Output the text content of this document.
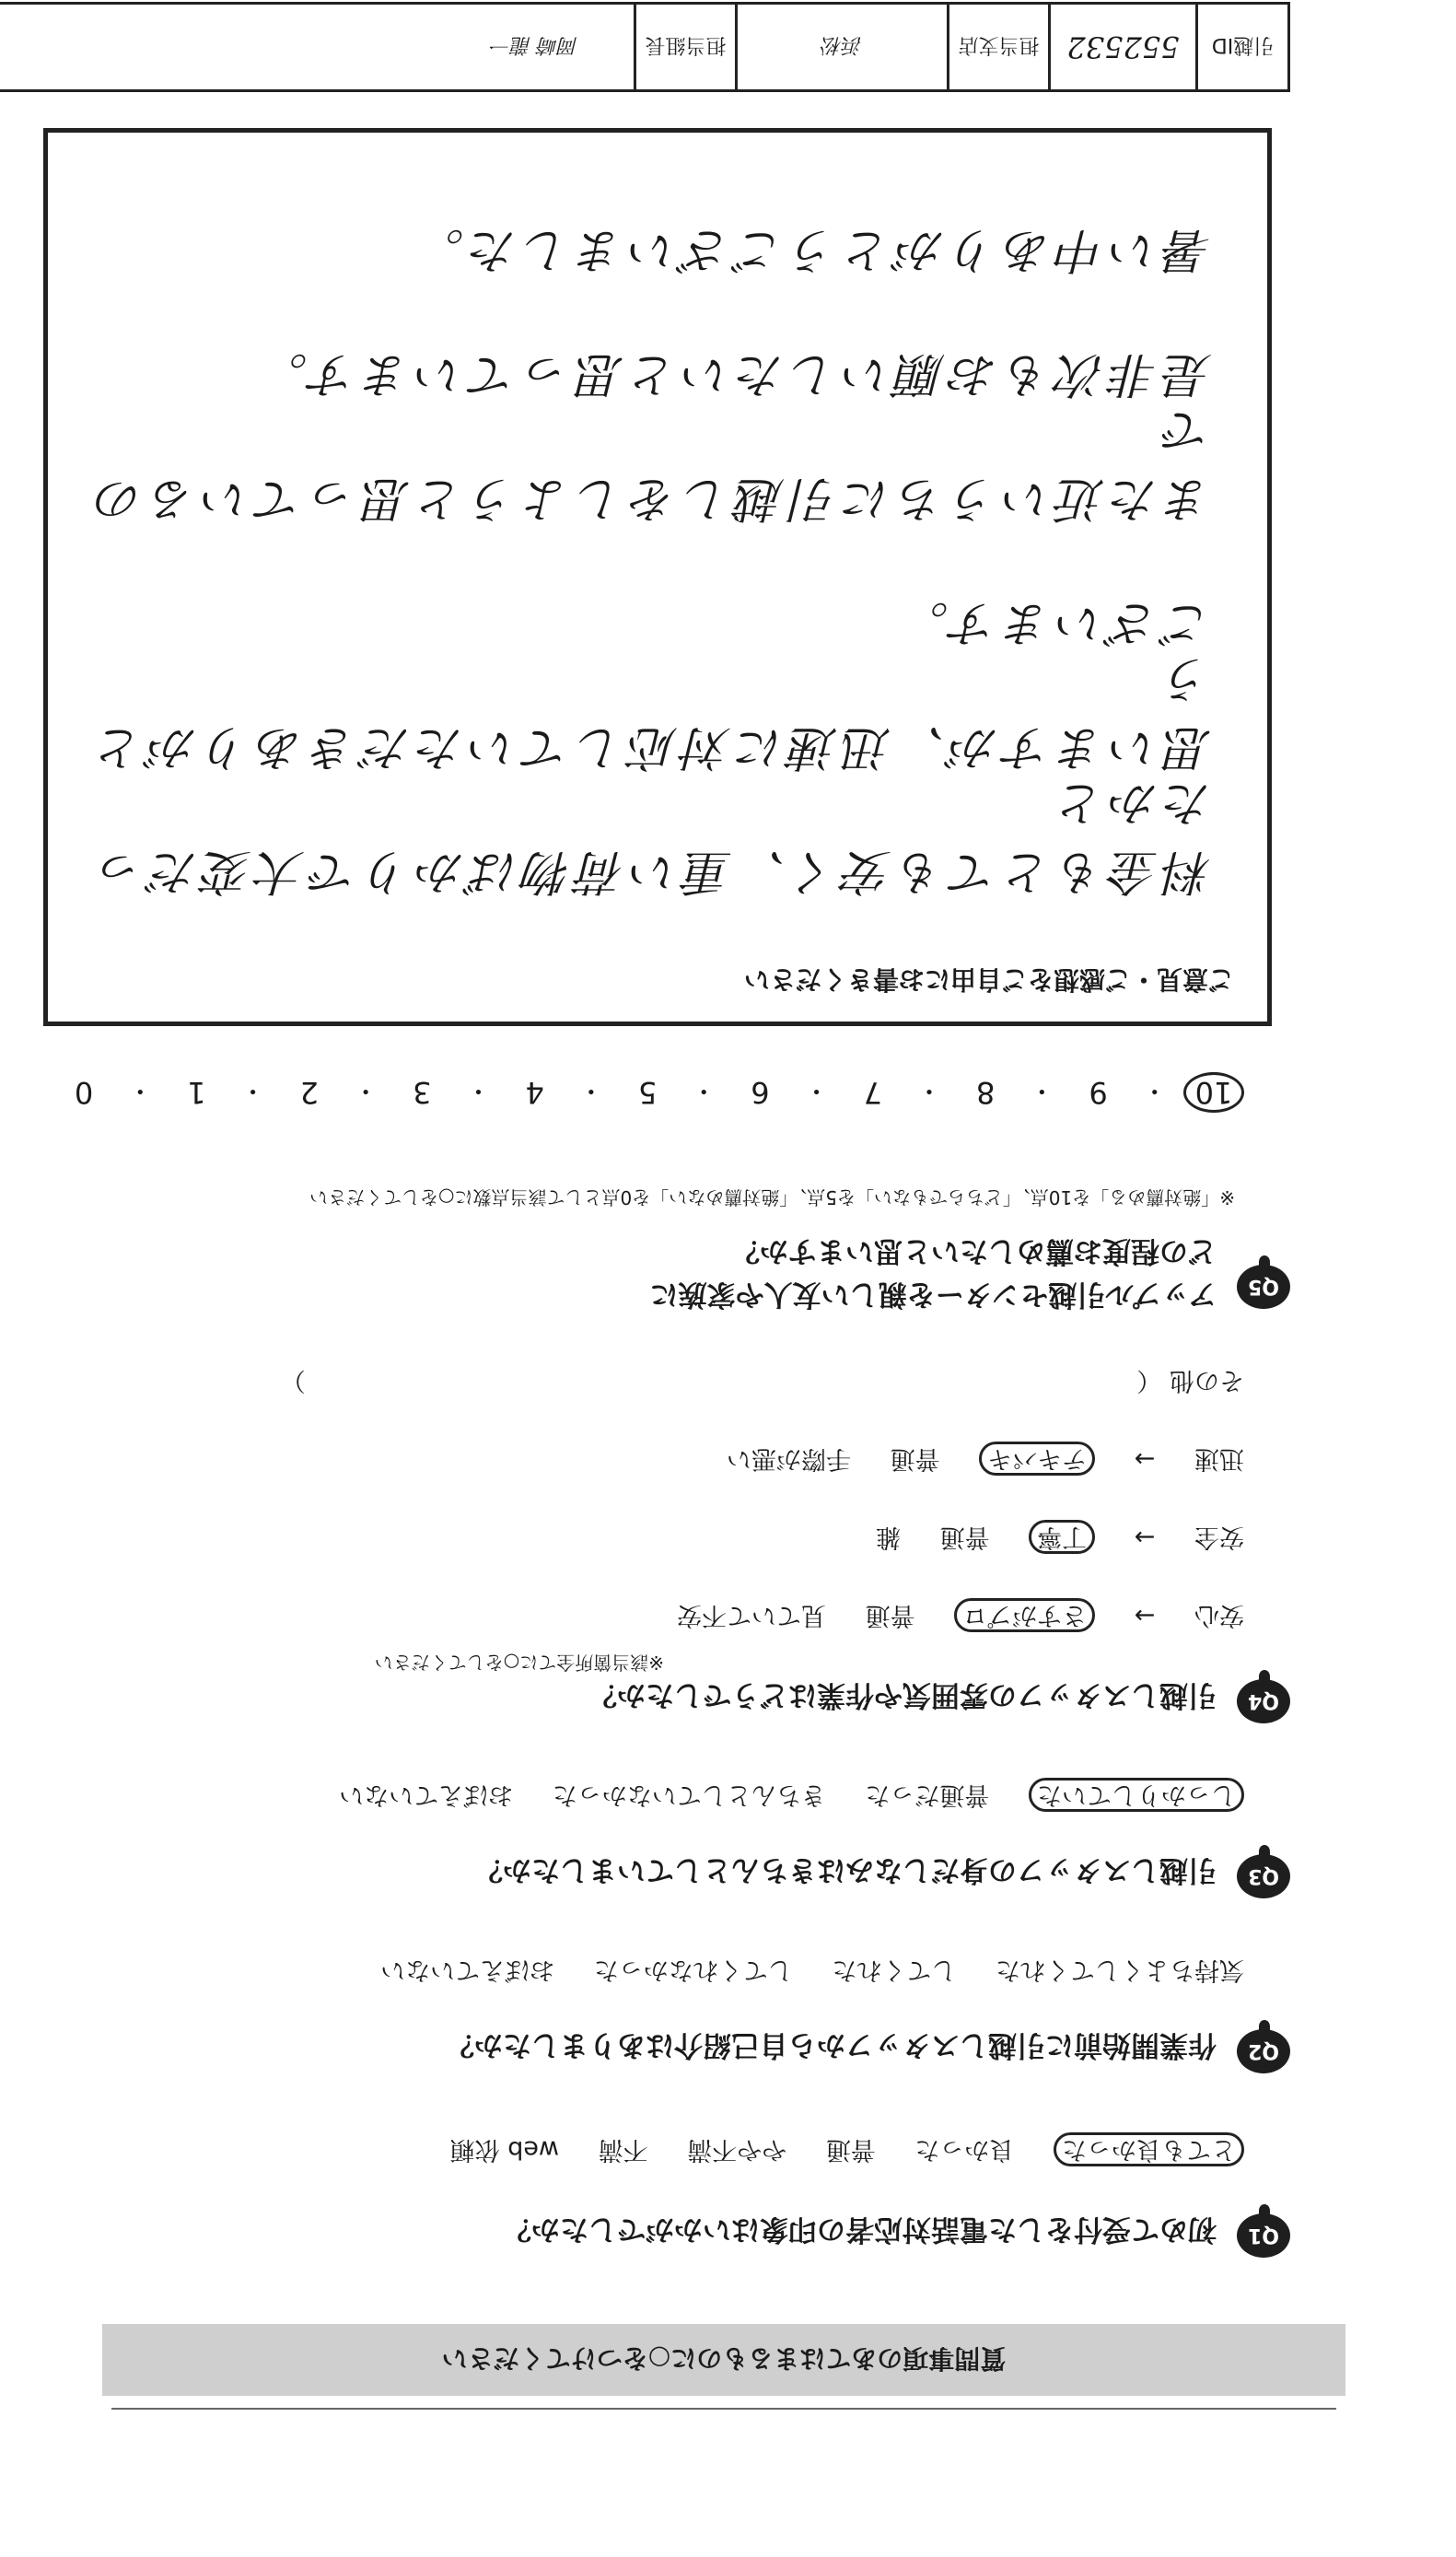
質問事項のあてはまるものに○をつけてください
Q1
初めて受付をした電話対応者の印象はいかがでしたか？
とても良かった 良かった 普通 やや不満 不満 web 依頼
Q2
作業開始前に引越しスタッフから自己紹介はありましたか？
気持ちよくしてくれた してくれた してくれなかった おぼえていない
Q3
引越しスタッフの身だしなみはきちんとしていましたか？
しっかりしていた 普通だった きちんとしていなかった おぼえていない
Q4
引越しスタッフの雰囲気や作業はどうでしたか？
※該当箇所全てに○をしてください
安心 → さすがプロ 普通 見ていて不安
安全 → 丁寧 普通 雑
迅速 → テキパキ 普通 手際が悪い
その他 （ ）
Q5
アップル引越センターを親しい友人や家族に
どの程度お薦めしたいと思いますか？
※「絶対薦める」を10点、「どちらでもない」を5点、「絶対薦めない」を0点として該当点数に○をしてください
10
・
9
・
8
・
7
・
6
・
5
・
4
・
3
・
2
・
1
・
0
ご意見・ご感想をご自由にお書きください
料金もとても安く、重い荷物ばかりで大変だったかと
思いますが、迅速に対応していただきありがとう
ございます。
また近いうちに引越しをしようと思っているので
是非次もお願いしたいと思っています。
暑い中ありがとうございました。
引越ID
552532
担当支店
浜松
担当組長
岡崎 龍一
